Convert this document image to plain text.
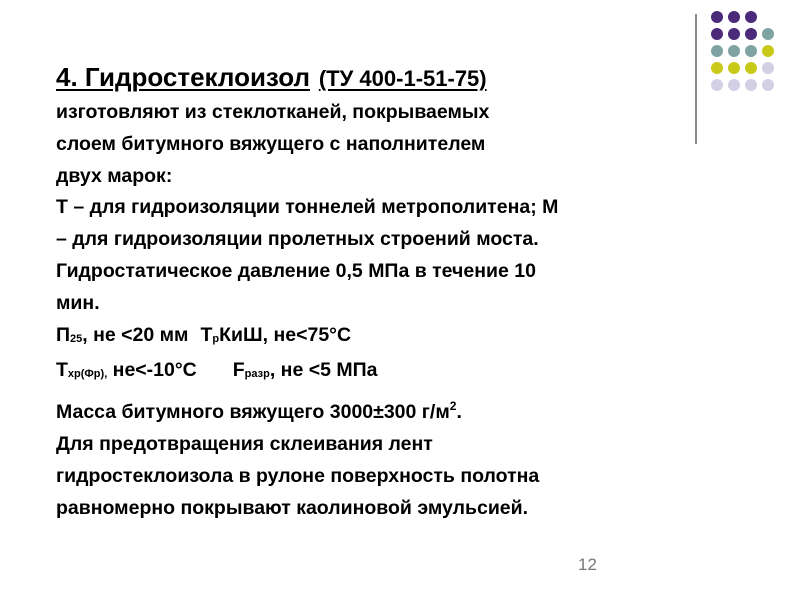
4. Гидростеклоизол (ТУ 400-1-51-75)
изготовляют из стеклотканей, покрываемых
слоем битумного вяжущего с наполнителем
двух марок:
Т – для гидроизоляции тоннелей метрополитена; М
– для гидроизоляции пролетных строений моста.
Гидростатическое давление 0,5 МПа в течение 10
мин.
П25, не <20 мм ТрКиШ, не<75°С
Тхр(Фр), не<-10°С Fразр, не <5 МПа
Масса битумного вяжущего 3000±300 $г/м^2$.
Для предотвращения склеивания лент
гидростеклоизола в рулоне поверхность полотна
равномерно покрывают каолиновой эмульсией.
12
